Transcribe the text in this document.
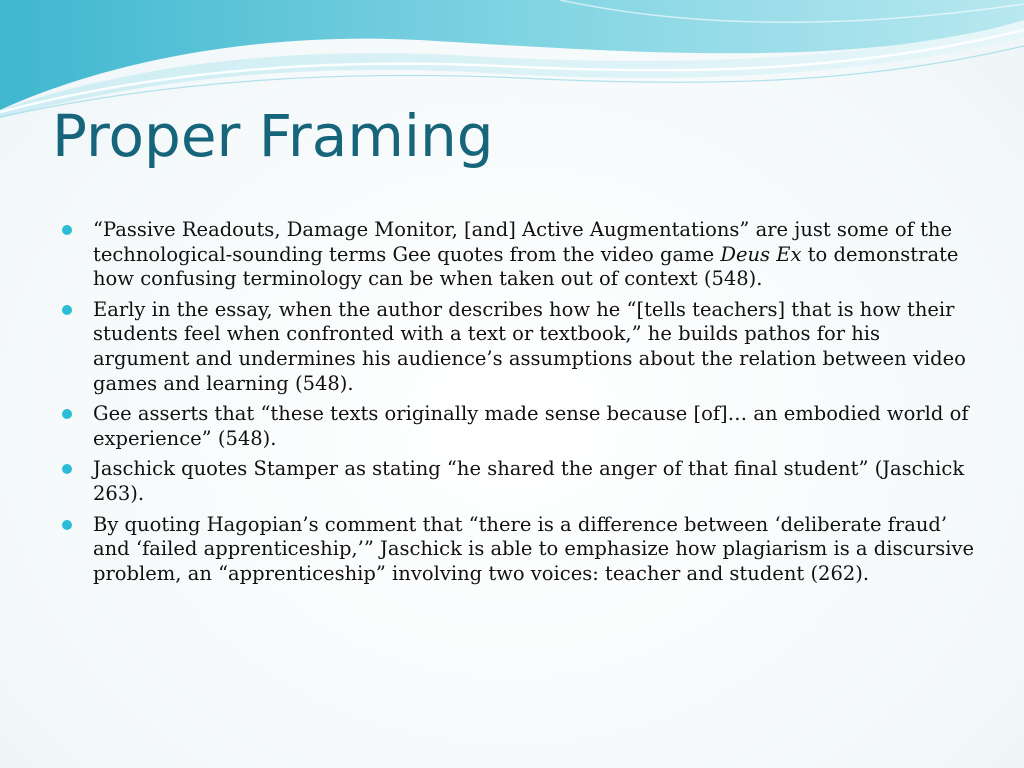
Proper Framing
“Passive Readouts, Damage Monitor, [and] Active Augmentations” are just some of the technological-sounding terms Gee quotes from the video game Deus Ex to demonstrate how confusing terminology can be when taken out of context (548).
Early in the essay, when the author describes how he “[tells teachers] that is how their students feel when confronted with a text or textbook,” he builds pathos for his argument and undermines his audience’s assumptions about the relation between video games and learning (548).
Gee asserts that “these texts originally made sense because [of]… an embodied world of experience” (548).
Jaschick quotes Stamper as stating “he shared the anger of that final student” (Jaschick 263).
By quoting Hagopian’s comment that “there is a difference between ‘deliberate fraud’ and ‘failed apprenticeship,’” Jaschick is able to emphasize how plagiarism is a discursive problem, an “apprenticeship” involving two voices: teacher and student (262).
